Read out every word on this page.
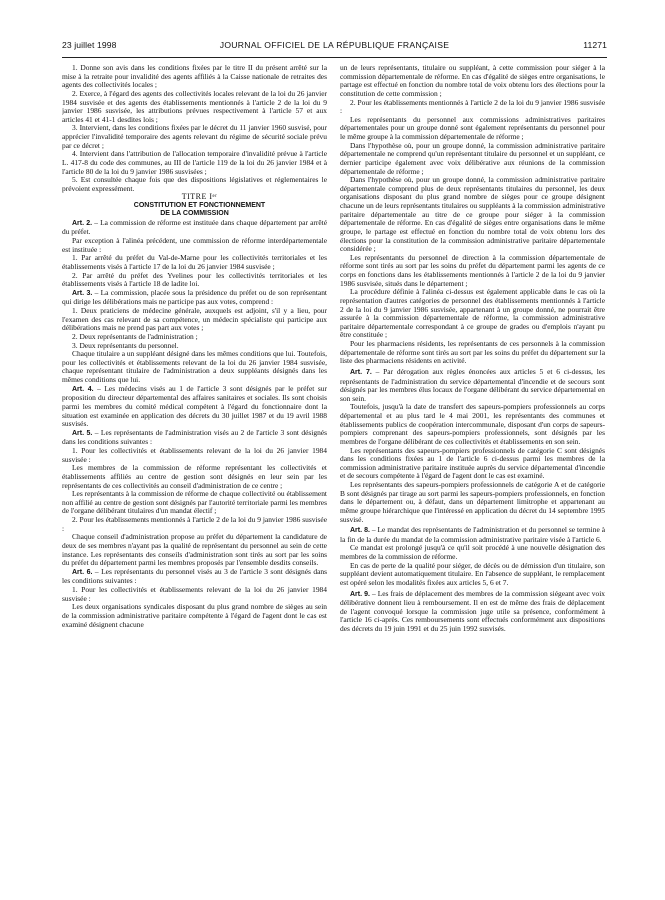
23 juillet 1998	JOURNAL OFFICIEL DE LA RÉPUBLIQUE FRANÇAISE	11271

1. Donne son avis dans les conditions fixées par le titre II du présent arrêté sur la mise à la retraite pour invalidité des agents affiliés à la Caisse nationale de retraites des agents des collectivités locales ;

2. Exerce, à l'égard des agents des collectivités locales relevant de la loi du 26 janvier 1984 susvisée et des agents des établissements mentionnés à l'article 2 de la loi du 9 janvier 1986 susvisée, les attributions prévues respectivement à l'article 57 et aux articles 41 et 41-1 desdites lois ;

3. Intervient, dans les conditions fixées par le décret du 11 janvier 1960 susvisé, pour apprécier l'invalidité temporaire des agents relevant du régime de sécurité sociale prévu par ce décret ;

4. Intervient dans l'attribution de l'allocation temporaire d'invalidité prévue à l'article L. 417-8 du code des communes, au III de l'article 119 de la loi du 26 janvier 1984 et à l'article 80 de la loi du 9 janvier 1986 susvisées ;

5. Est consultée chaque fois que des dispositions législatives et réglementaires le prévoient expressément.

TITRE Iᵉʳ

CONSTITUTION ET FONCTIONNEMENT
DE LA COMMISSION

Art. 2. – La commission de réforme est instituée dans chaque département par arrêté du préfet.

Par exception à l'alinéa précédent, une commission de réforme interdépartementale est instituée :

1. Par arrêté du préfet du Val-de-Marne pour les collectivités territoriales et les établissements visés à l'article 17 de la loi du 26 janvier 1984 susvisée ;

2. Par arrêté du préfet des Yvelines pour les collectivités territoriales et les établissements visés à l'article 18 de ladite loi.

Art. 3. – La commission, placée sous la présidence du préfet ou de son représentant qui dirige les délibérations mais ne participe pas aux votes, comprend :

1. Deux praticiens de médecine générale, auxquels est adjoint, s'il y a lieu, pour l'examen des cas relevant de sa compétence, un médecin spécialiste qui participe aux délibérations mais ne prend pas part aux votes ;

2. Deux représentants de l'administration ;

3. Deux représentants du personnel.

Chaque titulaire a un suppléant désigné dans les mêmes conditions que lui. Toutefois, pour les collectivités et établissements relevant de la loi du 26 janvier 1984 susvisée, chaque représentant titulaire de l'administration a deux suppléants désignés dans les mêmes conditions que lui.

Art. 4. – Les médecins visés au 1 de l'article 3 sont désignés par le préfet sur proposition du directeur départemental des affaires sanitaires et sociales. Ils sont choisis parmi les membres du comité médical compétent à l'égard du fonctionnaire dont la situation est examinée en application des décrets du 30 juillet 1987 et du 19 avril 1988 susvisés.

Art. 5. – Les représentants de l'administration visés au 2 de l'article 3 sont désignés dans les conditions suivantes :

1. Pour les collectivités et établissements relevant de la loi du 26 janvier 1984 susvisée :

Les membres de la commission de réforme représentant les collectivités et établissements affiliés au centre de gestion sont désignés en leur sein par les représentants de ces collectivités au conseil d'administration de ce centre ;

Les représentants à la commission de réforme de chaque collectivité ou établissement non affilié au centre de gestion sont désignés par l'autorité territoriale parmi les membres de l'organe délibérant titulaires d'un mandat électif ;

2. Pour les établissements mentionnés à l'article 2 de la loi du 9 janvier 1986 susvisée :

Chaque conseil d'administration propose au préfet du département la candidature de deux de ses membres n'ayant pas la qualité de représentant du personnel au sein de cette instance. Les représentants des conseils d'administration sont tirés au sort par les soins du préfet du département parmi les membres proposés par l'ensemble desdits conseils.

Art. 6. – Les représentants du personnel visés au 3 de l'article 3 sont désignés dans les conditions suivantes :

1. Pour les collectivités et établissements relevant de la loi du 26 janvier 1984 susvisée :

Les deux organisations syndicales disposant du plus grand nombre de sièges au sein de la commission administrative paritaire compétente à l'égard de l'agent dont le cas est examiné désignent chacune

un de leurs représentants, titulaire ou suppléant, à cette commission pour siéger à la commission départementale de réforme. En cas d'égalité de sièges entre organisations, le partage est effectué en fonction du nombre total de voix obtenu lors des élections pour la constitution de cette commission ;

2. Pour les établissements mentionnés à l'article 2 de la loi du 9 janvier 1986 susvisée :

Les représentants du personnel aux commissions administratives paritaires départementales pour un groupe donné sont également représentants du personnel pour le même groupe à la commission départementale de réforme ;

Dans l'hypothèse où, pour un groupe donné, la commission administrative paritaire départementale ne comprend qu'un représentant titulaire du personnel et un suppléant, ce dernier participe également avec voix délibérative aux réunions de la commission départementale de réforme ;

Dans l'hypothèse où, pour un groupe donné, la commission administrative paritaire départementale comprend plus de deux représentants titulaires du personnel, les deux organisations disposant du plus grand nombre de sièges pour ce groupe désignent chacune un de leurs représentants titulaires ou suppléants à la commission administrative paritaire départementale au titre de ce groupe pour siéger à la commission départementale de réforme. En cas d'égalité de sièges entre organisations dans le même groupe, le partage est effectué en fonction du nombre total de voix obtenu lors des élections pour la constitution de la commission administrative paritaire départementale considérée ;

Les représentants du personnel de direction à la commission départementale de réforme sont tirés au sort par les soins du préfet du département parmi les agents de ce corps en fonctions dans les établissements mentionnés à l'article 2 de la loi du 9 janvier 1986 susvisée, situés dans le département ;

La procédure définie à l'alinéa ci-dessus est également applicable dans le cas où la représentation d'autres catégories de personnel des établissements mentionnés à l'article 2 de la loi du 9 janvier 1986 susvisée, appartenant à un groupe donné, ne pourrait être assurée à la commission départementale de réforme, la commission administrative paritaire départementale correspondant à ce groupe de grades ou d'emplois n'ayant pu être constituée ;

Pour les pharmaciens résidents, les représentants de ces personnels à la commission départementale de réforme sont tirés au sort par les soins du préfet du département sur la liste des pharmaciens résidents en activité.

Art. 7. – Par dérogation aux règles énoncées aux articles 5 et 6 ci-dessus, les représentants de l'administration du service départemental d'incendie et de secours sont désignés par les membres élus locaux de l'organe délibérant du service départemental en son sein.

Toutefois, jusqu'à la date de transfert des sapeurs-pompiers professionnels au corps départemental et au plus tard le 4 mai 2001, les représentants des communes et établissements publics de coopération intercommunale, disposant d'un corps de sapeurs-pompiers comprenant des sapeurs-pompiers professionnels, sont désignés par les membres de l'organe délibérant de ces collectivités et établissements en son sein.

Les représentants des sapeurs-pompiers professionnels de catégorie C sont désignés dans les conditions fixées au 1 de l'article 6 ci-dessus parmi les membres de la commission administrative paritaire instituée auprès du service départemental d'incendie et de secours compétente à l'égard de l'agent dont le cas est examiné.

Les représentants des sapeurs-pompiers professionnels de catégorie A et de catégorie B sont désignés par tirage au sort parmi les sapeurs-pompiers professionnels, en fonction dans le département ou, à défaut, dans un département limitrophe et appartenant au même groupe hiérarchique que l'intéressé en application du décret du 14 septembre 1995 susvisé.

Art. 8. – Le mandat des représentants de l'administration et du personnel se termine à la fin de la durée du mandat de la commission administrative paritaire visée à l'article 6.

Ce mandat est prolongé jusqu'à ce qu'il soit procédé à une nouvelle désignation des membres de la commission de réforme.

En cas de perte de la qualité pour siéger, de décès ou de démission d'un titulaire, son suppléant devient automatiquement titulaire. En l'absence de suppléant, le remplacement est opéré selon les modalités fixées aux articles 5, 6 et 7.

Art. 9. – Les frais de déplacement des membres de la commission siégeant avec voix délibérative donnent lieu à remboursement. Il en est de même des frais de déplacement de l'agent convoqué lorsque la commission juge utile sa présence, conformément à l'article 16 ci-après. Ces remboursements sont effectués conformément aux dispositions des décrets du 19 juin 1991 et du 25 juin 1992 susvisés.
